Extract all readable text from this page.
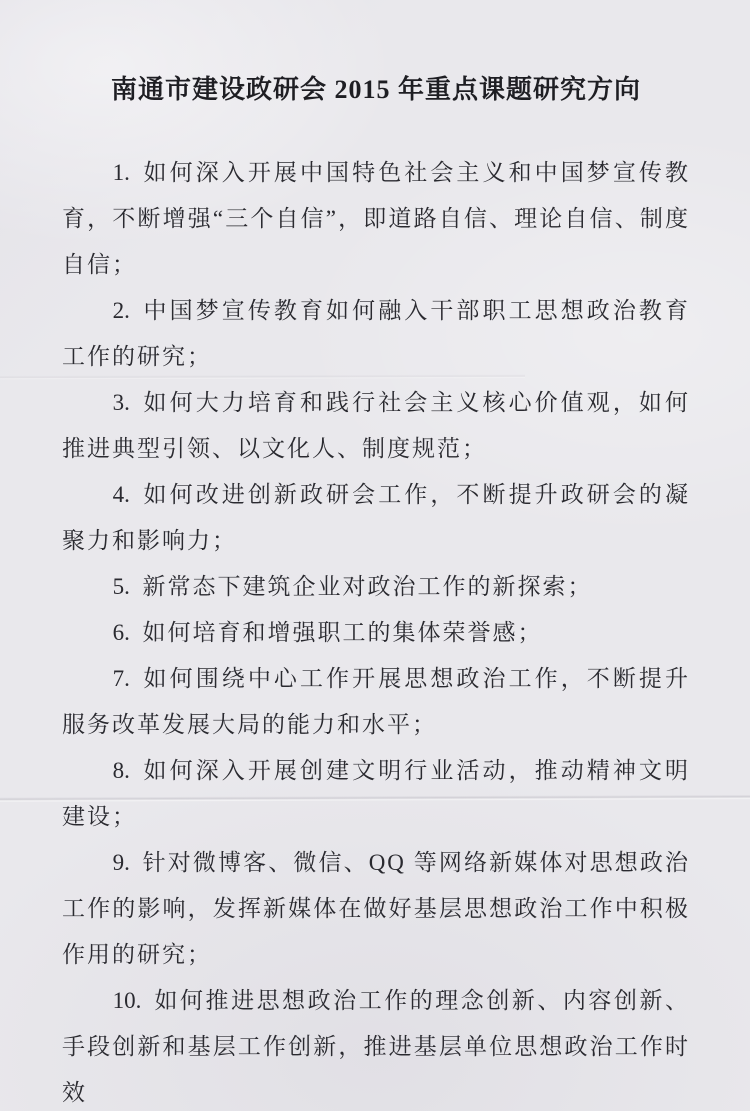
南通市建设政研会 2015 年重点课题研究方向

1. 如何深入开展中国特色社会主义和中国梦宣传教育，不断增强“三个自信”，即道路自信、理论自信、制度自信；

2. 中国梦宣传教育如何融入干部职工思想政治教育工作的研究；

3. 如何大力培育和践行社会主义核心价值观，如何推进典型引领、以文化人、制度规范；

4. 如何改进创新政研会工作，不断提升政研会的凝聚力和影响力；

5. 新常态下建筑企业对政治工作的新探索；

6. 如何培育和增强职工的集体荣誉感；

7. 如何围绕中心工作开展思想政治工作，不断提升服务改革发展大局的能力和水平；

8. 如何深入开展创建文明行业活动，推动精神文明建设；

9. 针对微博客、微信、QQ 等网络新媒体对思想政治工作的影响，发挥新媒体在做好基层思想政治工作中积极作用的研究；

10. 如何推进思想政治工作的理念创新、内容创新、手段创新和基层工作创新，推进基层单位思想政治工作时效
